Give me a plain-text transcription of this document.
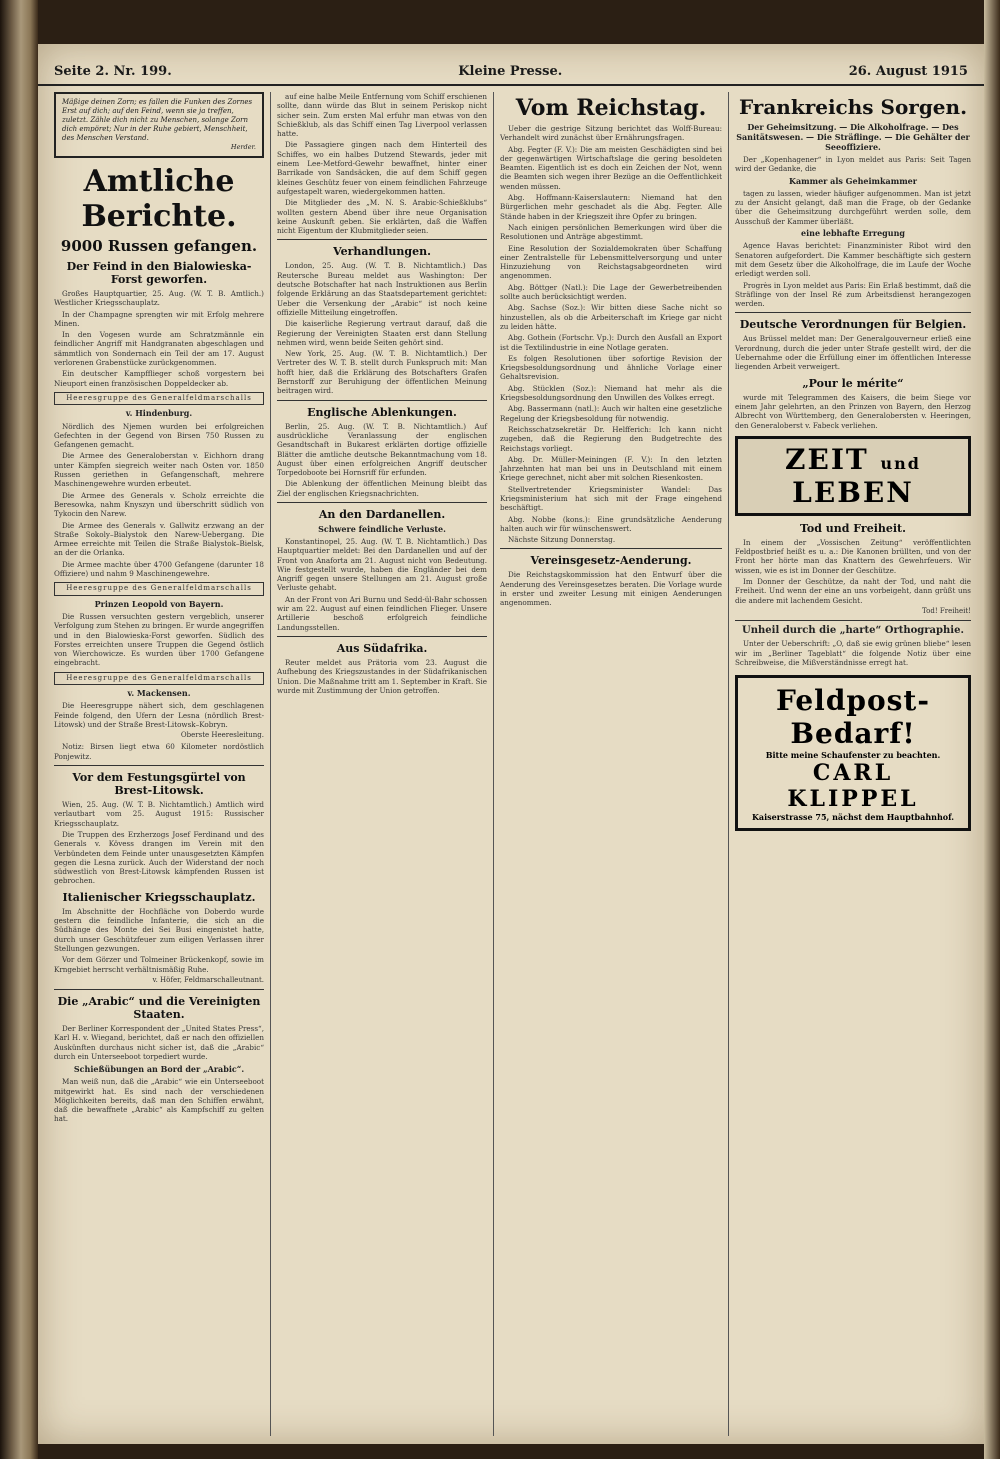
Seite 2. Nr. 199.	Kleine Presse.	26. August 1915
Mäßige deinen Zorn; es fallen die Funken des Zornes Erst auf dich; auf den Feind, wenn sie ja treffen, zuletzt. Zähle dich nicht zu Menschen, solange Zorn dich empöret; Nur in der Ruhe gebiert, Menschheit, des Menschen Verstand.
Herder.
Amtliche Berichte.
9000 Russen gefangen.
Der Feind in den Bialowieska-Forst geworfen.

Großes Hauptquartier, 25. Aug. (W. T. B. Amtlich.) Westlicher Kriegsschauplatz.

In der Champagne sprengten wir mit Erfolg mehrere Minen.

In den Vogesen wurde am Schratzmännle ein feindlicher Angriff mit Handgranaten abgeschlagen und sämmtlich von Sondernach ein Teil der am 17. August verlorenen Grabenstücke zurückgenommen.

Ein deutscher Kampfflieger schoß vorgestern bei Nieuport einen französischen Doppeldecker ab.

Heeresgruppe des Generalfeldmarschalls
v. Hindenburg.

Nördlich des Njemen wurden bei erfolgreichen Gefechten in der Gegend von Birsen 750 Russen zu Gefangenen gemacht.

Die Armee des Generaloberstan v. Eichhorn drang unter Kämpfen siegreich weiter nach Osten vor. 1850 Russen geriethen in Gefangenschaft, mehrere Maschinengewehre wurden erbeutet.

Die Armee des Generals v. Scholz erreichte die Beresowka, nahm Knyszyn und überschritt südlich von Tykocin den Narew.

Die Armee des Generals v. Gallwitz erzwang an der Straße Sokoly–Bialystok den Narew-Uebergang. Die Armee erreichte mit Teilen die Straße Bialystok–Bielsk, an der die Orlanka.

Die Armee machte über 4700 Gefangene (darunter 18 Offiziere) und nahm 9 Maschinengewehre.

Heeresgruppe des Generalfeldmarschalls
Prinzen Leopold von Bayern.

Die Russen versuchten gestern vergeblich, unserer Verfolgung zum Stehen zu bringen. Er wurde angegriffen und in den Bialowieska-Forst geworfen. Südlich des Forstes erreichten unsere Truppen die Gegend östlich von Wierchowicze. Es wurden über 1700 Gefangene eingebracht.

Heeresgruppe des Generalfeldmarschalls
v. Mackensen.

Die Heeresgruppe nähert sich, dem geschlagenen Feinde folgend, den Ufern der Lesna (nördlich Brest-Litowsk) und der Straße Brest-Litowsk–Kobryn.

Oberste Heeresleitung.

Notiz: Birsen liegt etwa 60 Kilometer nordöstlich Ponjewitz.

Vor dem Festungsgürtel von Brest-Litowsk.

Wien, 25. Aug. (W. T. B. Nichtamtlich.) Amtlich wird verlautbart vom 25. August 1915: Russischer Kriegsschauplatz.

Die Truppen des Erzherzogs Josef Ferdinand und des Generals v. Kövess drangen im Verein mit den Verbündeten dem Feinde unter unausgesetzten Kämpfen gegen die Lesna zurück. Auch der Widerstand der noch südwestlich von Brest-Litowsk kämpfenden Russen ist gebrochen.

Italienischer Kriegsschauplatz.

Im Abschnitte der Hochfläche von Doberdo wurde gestern die feindliche Infanterie, die sich an die Südhänge des Monte dei Sei Busi eingenistet hatte, durch unser Geschützfeuer zum eiligen Verlassen ihrer Stellungen gezwungen.

Vor dem Görzer und Tolmeiner Brückenkopf, sowie im Krngebiet herrscht verhältnismäßig Ruhe.

v. Höfer, Feldmarschalleutnant.
Die „Arabic“ und die Vereinigten Staaten.

Der Berliner Korrespondent der „United States Press“, Karl H. v. Wiegand, berichtet, daß er nach den offiziellen Auskünften durchaus nicht sicher ist, daß die „Arabic“ durch ein Unterseeboot torpediert wurde.

Schießübungen an Bord der „Arabic“.

Man weiß nun, daß die „Arabic“ wie ein Unterseeboot mitgewirkt hat. Es sind nach der verschiedenen Möglichkeiten bereits, daß man den Schiffen erwähnt, daß die bewaffnete „Arabic“ als Kampfschiff zu gelten hat.

auf eine halbe Meile Entfernung vom Schiff erschienen sollte, dann würde das Blut in seinem Periskop nicht sicher sein. Zum ersten Mal erfuhr man etwas von den Schießklub, als das Schiff einen Tag Liverpool verlassen hatte.

Die Passagiere gingen nach dem Hinterteil des Schiffes, wo ein halbes Dutzend Stewards, jeder mit einem Lee-Metford-Gewehr bewaffnet, hinter einer Barrikade von Sandsäcken, die auf dem Schiff gegen kleines Geschütz feuer von einem feindlichen Fahrzeuge aufgestapelt waren, wiedergekommen hatten.

Die Mitglieder des „M. N. S. Arabic-Schießklubs“ wollten gestern Abend über ihre neue Organisation keine Auskunft geben. Sie erklärten, daß die Waffen nicht Eigentum der Klubmitglieder seien.

Verhandlungen.

London, 25. Aug. (W. T. B. Nichtamtlich.) Das Reutersche Bureau meldet aus Washington: Der deutsche Botschafter hat nach Instruktionen aus Berlin folgende Erklärung an das Staatsdepartement gerichtet: Ueber die Versenkung der „Arabic“ ist noch keine offizielle Mitteilung eingetroffen.

Die kaiserliche Regierung vertraut darauf, daß die Regierung der Vereinigten Staaten erst dann Stellung nehmen wird, wenn beide Seiten gehört sind.

New York, 25. Aug. (W. T. B. Nichtamtlich.) Der Vertreter des W. T. B. stellt durch Funkspruch mit: Man hofft hier, daß die Erklärung des Botschafters Grafen Bernstorff zur Beruhigung der öffentlichen Meinung beitragen wird.

Englische Ablenkungen.

Berlin, 25. Aug. (W. T. B. Nichtamtlich.) Auf ausdrückliche Veranlassung der englischen Gesandtschaft in Bukarest erklärten dortige offizielle Blätter die amtliche deutsche Bekanntmachung vom 18. August über einen erfolgreichen Angriff deutscher Torpedoboote bei Hornsriff für erfunden.

Die Ablenkung der öffentlichen Meinung bleibt das Ziel der englischen Kriegsnachrichten.

An den Dardanellen.
Schwere feindliche Verluste.

Konstantinopel, 25. Aug. (W. T. B. Nichtamtlich.) Das Hauptquartier meldet: Bei den Dardanellen und auf der Front von Anaforta am 21. August nicht von Bedeutung. Wie festgestellt wurde, haben die Engländer bei dem Angriff gegen unsere Stellungen am 21. August große Verluste gehabt.

An der Front von Ari Burnu und Sedd-ül-Bahr schossen wir am 22. August auf einen feindlichen Flieger. Unsere Artillerie beschoß erfolgreich feindliche Landungsstellen.

Aus Südafrika.

Reuter meldet aus Prätoria vom 23. August die Aufhebung des Kriegszustandes in der Südafrikanischen Union. Die Maßnahme tritt am 1. September in Kraft. Sie wurde mit Zustimmung der Union getroffen.

Vom Reichstag.

Ueber die gestrige Sitzung berichtet das Wolff-Bureau: Verhandelt wird zunächst über Ernährungsfragen.

Abg. Fegter (F. V.): Die am meisten Geschädigten sind bei der gegenwärtigen Wirtschaftslage die gering besoldeten Beamten. Eigentlich ist es doch ein Zeichen der Not, wenn die Beamten sich wegen ihrer Bezüge an die Oeffentlichkeit wenden müssen.

Abg. Hoffmann-Kaiserslautern: Niemand hat den Bürgerlichen mehr geschadet als die Abg. Fegter. Alle Stände haben in der Kriegszeit ihre Opfer zu bringen.

Nach einigen persönlichen Bemerkungen wird über die Resolutionen und Anträge abgestimmt.

Eine Resolution der Sozialdemokraten über Schaffung einer Zentralstelle für Lebensmittelversorgung und unter Hinzuziehung von Reichstagsabgeordneten wird angenommen.

Abg. Böttger (Natl.): Die Lage der Gewerbetreibenden sollte auch berücksichtigt werden.

Abg. Sachse (Soz.): Wir bitten diese Sache nicht so hinzustellen, als ob die Arbeiterschaft im Kriege gar nicht zu leiden hätte.

Abg. Gothein (Fortschr. Vp.): Durch den Ausfall an Export ist die Textilindustrie in eine Notlage geraten.

Es folgen Resolutionen über sofortige Revision der Kriegsbesoldungsordnung und ähnliche Vorlage einer Gehaltsrevision.

Abg. Stücklen (Soz.): Niemand hat mehr als die Kriegsbesoldungsordnung den Unwillen des Volkes erregt.

Abg. Bassermann (natl.): Auch wir halten eine gesetzliche Regelung der Kriegsbesoldung für notwendig.

Reichsschatzsekretär Dr. Helfferich: Ich kann nicht zugeben, daß die Regierung den Budgetrechte des Reichstags vorliegt.

Abg. Dr. Müller-Meiningen (F. V.): In den letzten Jahrzehnten hat man bei uns in Deutschland mit einem Kriege gerechnet, nicht aber mit solchen Riesenkosten.

Stellvertretender Kriegsminister Wandel: Das Kriegsministerium hat sich mit der Frage eingehend beschäftigt.

Abg. Nobbe (kons.): Eine grundsätzliche Aenderung halten auch wir für wünschenswert.

Nächste Sitzung Donnerstag.

Vereinsgesetz-Aenderung.

Die Reichstagskommission hat den Entwurf über die Aenderung des Vereinsgesetzes beraten. Die Vorlage wurde in erster und zweiter Lesung mit einigen Aenderungen angenommen.

Frankreichs Sorgen.
Der Geheimsitzung. — Die Alkoholfrage. — Des Sanitätswesen. — Die Sträflinge. — Die Gehälter der Seeoffiziere.

Der „Kopenhagener“ in Lyon meldet aus Paris: Seit Tagen wird der Gedanke, die

Kammer als Geheimkammer

tagen zu lassen, wieder häufiger aufgenommen. Man ist jetzt zu der Ansicht gelangt, daß man die Frage, ob der Gedanke über die Geheimsitzung durchgeführt werden solle, dem Ausschuß der Kammer überläßt.

eine lebhafte Erregung

Agence Havas berichtet: Finanzminister Ribot wird den Senatoren aufgefordert. Die Kammer beschäftigte sich gestern mit dem Gesetz über die Alkoholfrage, die im Laufe der Woche erledigt werden soll.

Progrès in Lyon meldet aus Paris: Ein Erlaß bestimmt, daß die Sträflinge von der Insel Ré zum Arbeitsdienst herangezogen werden.

Deutsche Verordnungen für Belgien.

Aus Brüssel meldet man: Der Generalgouverneur erließ eine Verordnung, durch die jeder unter Strafe gestellt wird, der die Uebernahme oder die Erfüllung einer im öffentlichen Interesse liegenden Arbeit verweigert.

„Pour le mérite“

wurde mit Telegrammen des Kaisers, die beim Siege vor einem Jahr gelehrten, an den Prinzen von Bayern, den Herzog Albrecht von Württemberg, den Generalobersten v. Heeringen, den Generaloberst v. Fabeck verliehen.

ZEIT und LEBEN
Tod und Freiheit.

In einem der „Vossischen Zeitung“ veröffentlichten Feldpostbrief heißt es u. a.: Die Kanonen brüllten, und von der Front her hörte man das Knattern des Gewehrfeuers. Wir wissen, wie es ist im Donner der Geschütze.

Im Donner der Geschütze, da naht der Tod, und naht die Freiheit. Und wenn der eine an uns vorbeigeht, dann grüßt uns die andere mit lachendem Gesicht.

Tod! Freiheit!
Unheil durch die „harte“ Orthographie.

Unter der Ueberschrift: „O, daß sie ewig grünen bliebe“ lesen wir im „Berliner Tageblatt“ die folgende Notiz über eine Schreibweise, die Mißverständnisse erregt hat.

Feldpost-Bedarf!
Bitte meine Schaufenster zu beachten.
CARL KLIPPEL
Kaiserstrasse 75, nächst dem Hauptbahnhof.
